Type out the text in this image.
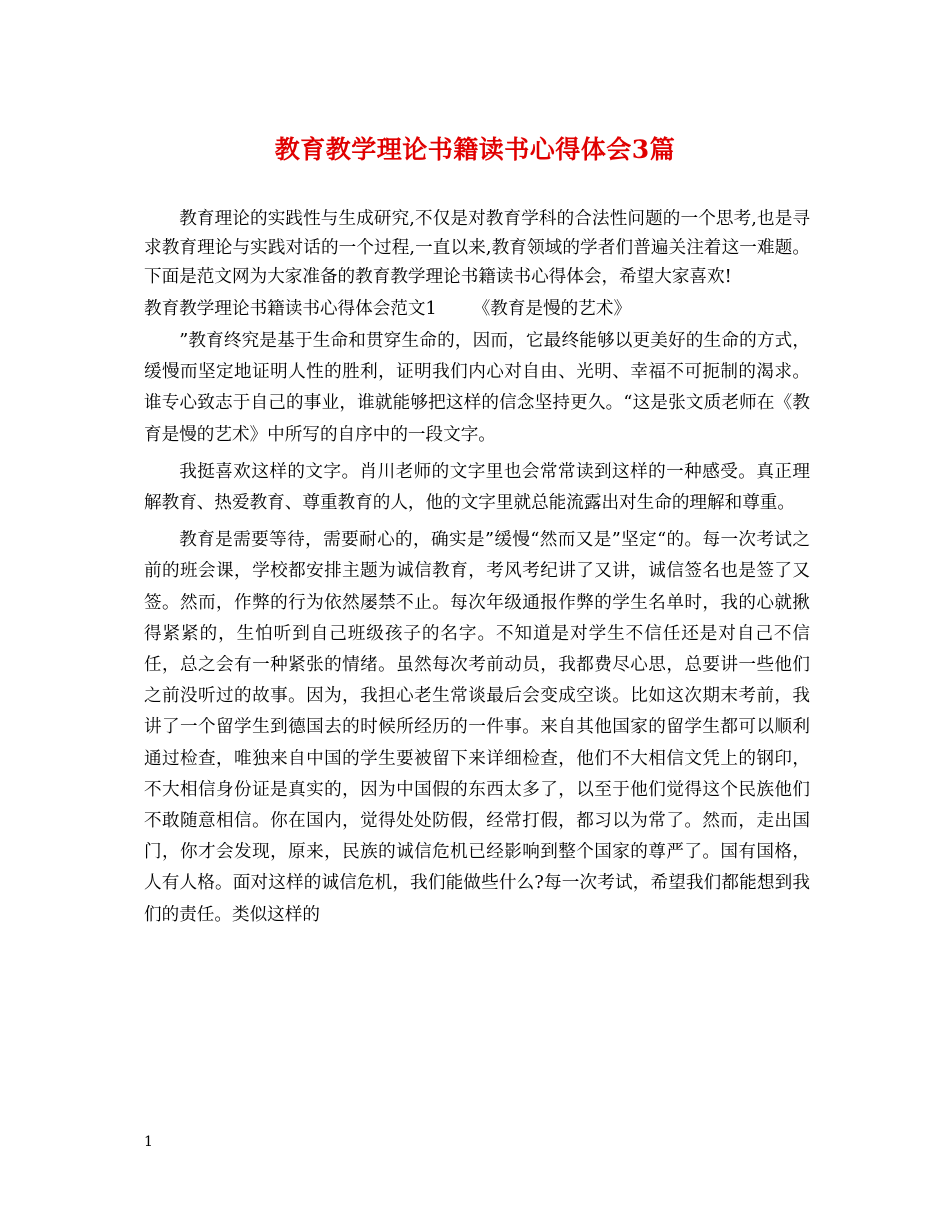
教育教学理论书籍读书心得体会3篇

教育理论的实践性与生成研究,不仅是对教育学科的合法性问题的一个思考,也是寻求教育理论与实践对话的一个过程,一直以来,教育领域的学者们普遍关注着这一难题。下面是范文网为大家准备的教育教学理论书籍读书心得体会，希望大家喜欢!

教育教学理论书籍读书心得体会范文1 《教育是慢的艺术》

”教育终究是基于生命和贯穿生命的，因而，它最终能够以更美好的生命的方式，缓慢而坚定地证明人性的胜利，证明我们内心对自由、光明、幸福不可扼制的渴求。谁专心致志于自己的事业，谁就能够把这样的信念坚持更久。“这是张文质老师在《教育是慢的艺术》中所写的自序中的一段文字。

我挺喜欢这样的文字。肖川老师的文字里也会常常读到这样的一种感受。真正理解教育、热爱教育、尊重教育的人，他的文字里就总能流露出对生命的理解和尊重。

教育是需要等待，需要耐心的，确实是”缓慢“然而又是”坚定“的。每一次考试之前的班会课，学校都安排主题为诚信教育，考风考纪讲了又讲，诚信签名也是签了又签。然而，作弊的行为依然屡禁不止。每次年级通报作弊的学生名单时，我的心就揪得紧紧的，生怕听到自己班级孩子的名字。不知道是对学生不信任还是对自己不信任，总之会有一种紧张的情绪。虽然每次考前动员，我都费尽心思，总要讲一些他们之前没听过的故事。因为，我担心老生常谈最后会变成空谈。比如这次期末考前，我讲了一个留学生到德国去的时候所经历的一件事。来自其他国家的留学生都可以顺利通过检查，唯独来自中国的学生要被留下来详细检查，他们不大相信文凭上的钢印，不大相信身份证是真实的，因为中国假的东西太多了，以至于他们觉得这个民族他们不敢随意相信。你在国内，觉得处处防假，经常打假，都习以为常了。然而，走出国门，你才会发现，原来，民族的诚信危机已经影响到整个国家的尊严了。国有国格，人有人格。面对这样的诚信危机，我们能做些什么?每一次考试，希望我们都能想到我们的责任。类似这样的

1
